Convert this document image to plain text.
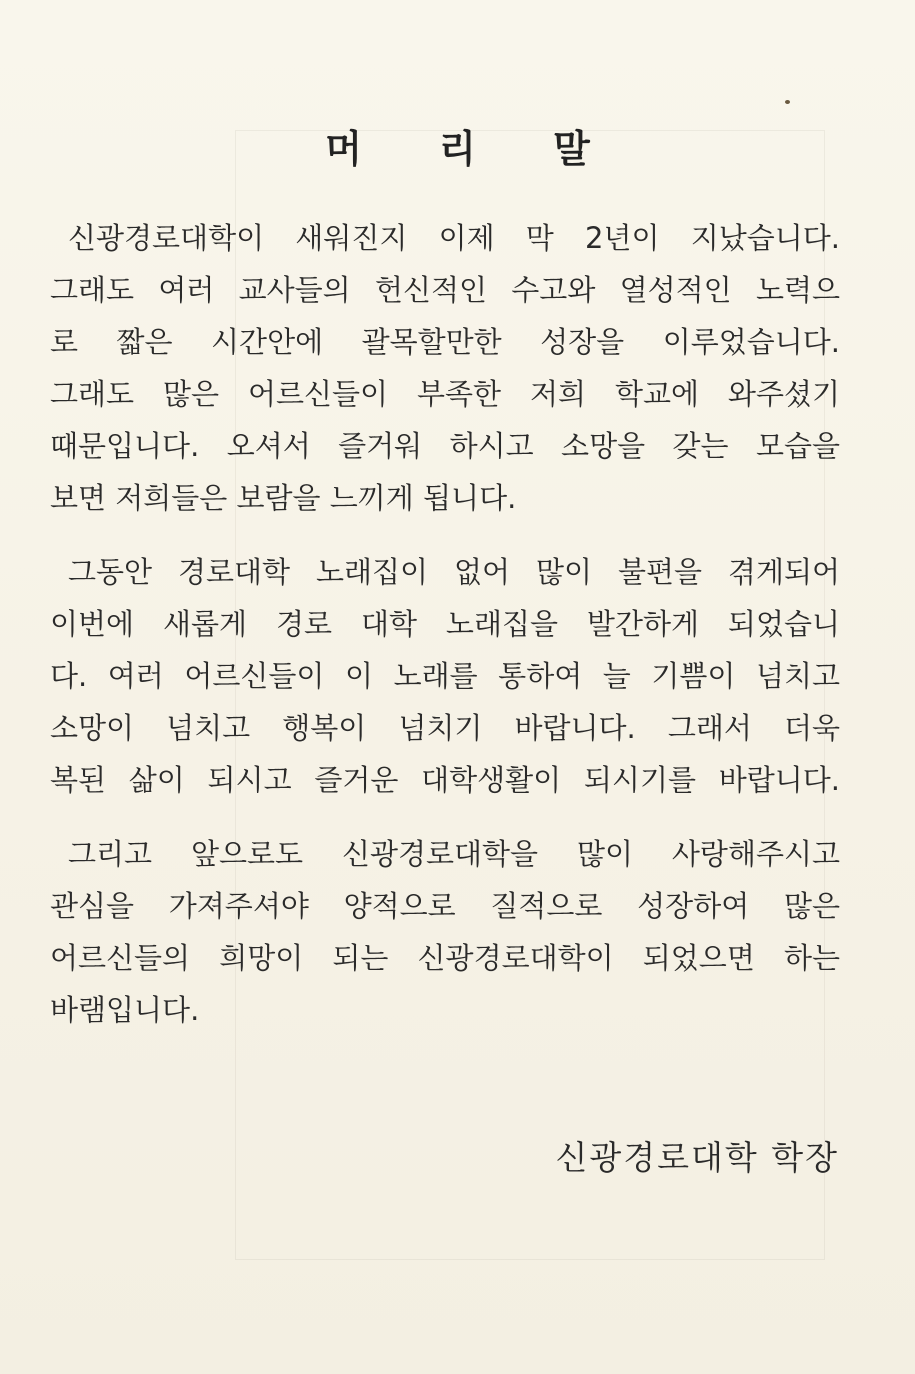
머 리 말
신광경로대학이 새워진지 이제 막 2년이 지났습니다.
그래도 여러 교사들의 헌신적인 수고와 열성적인 노력으
로 짧은 시간안에 괄목할만한 성장을 이루었습니다.
그래도 많은 어르신들이 부족한 저희 학교에 와주셨기
때문입니다. 오셔서 즐거워 하시고 소망을 갖는 모습을
보면 저희들은 보람을 느끼게 됩니다.
그동안 경로대학 노래집이 없어 많이 불편을 겪게되어
이번에 새롭게 경로 대학 노래집을 발간하게 되었습니
다. 여러 어르신들이 이 노래를 통하여 늘 기쁨이 넘치고
소망이 넘치고 행복이 넘치기 바랍니다. 그래서 더욱
복된 삶이 되시고 즐거운 대학생활이 되시기를 바랍니다.
그리고 앞으로도 신광경로대학을 많이 사랑해주시고
관심을 가져주셔야 양적으로 질적으로 성장하여 많은
어르신들의 희망이 되는 신광경로대학이 되었으면 하는
바램입니다.
신광경로대학 학장
